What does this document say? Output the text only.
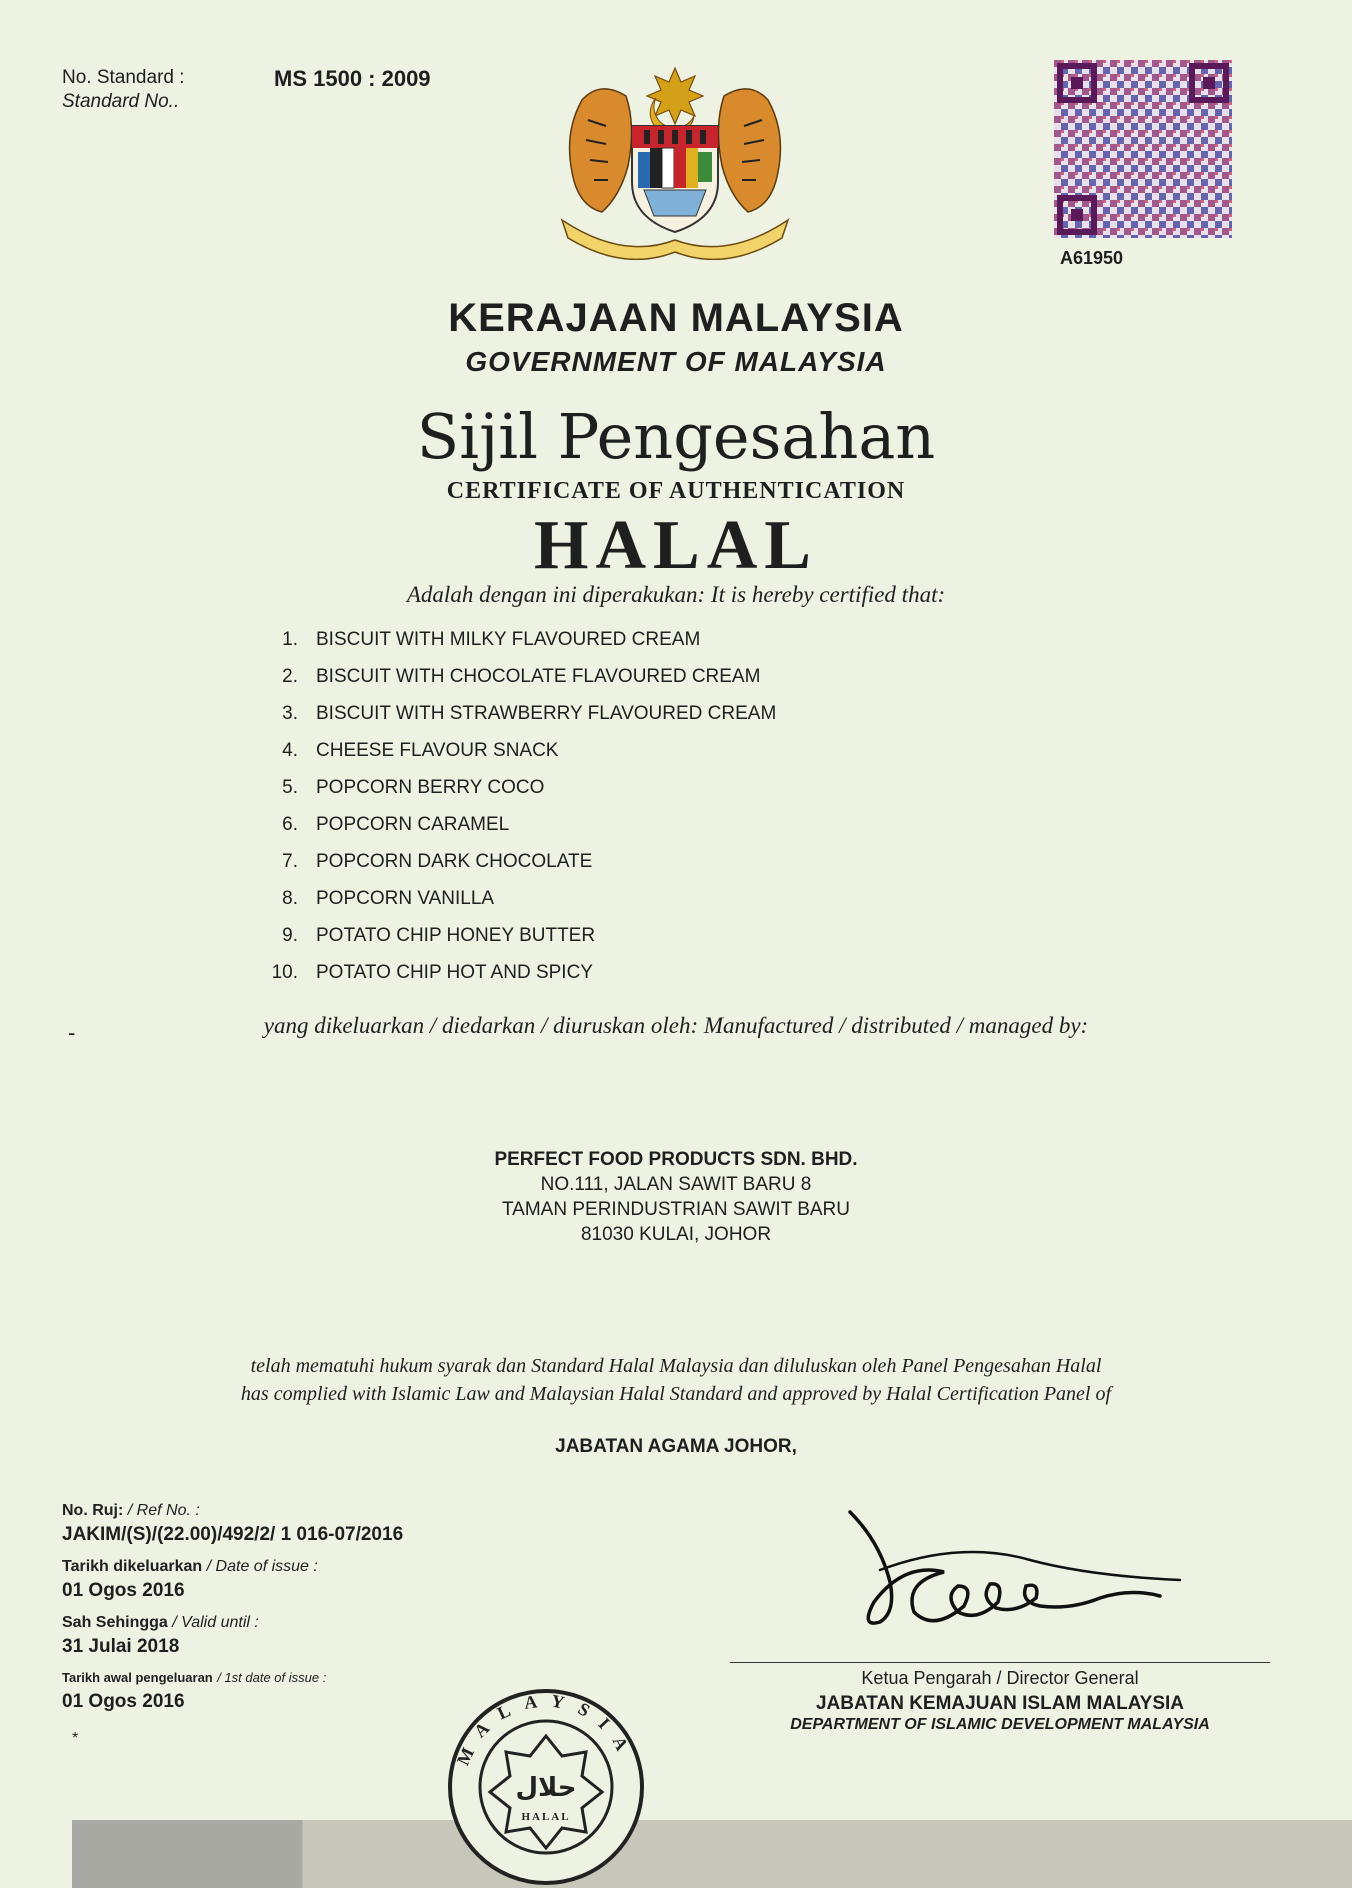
No. Standard :
Standard No..
MS 1500 : 2009
A61950
KERAJAAN MALAYSIA
GOVERNMENT OF MALAYSIA
Sijil Pengesahan
CERTIFICATE OF AUTHENTICATION
HALAL
Adalah dengan ini diperakukan: It is hereby certified that:
1. BISCUIT WITH MILKY FLAVOURED CREAM
2. BISCUIT WITH CHOCOLATE FLAVOURED CREAM
3. BISCUIT WITH STRAWBERRY FLAVOURED CREAM
4. CHEESE FLAVOUR SNACK
5. POPCORN BERRY COCO
6. POPCORN CARAMEL
7. POPCORN DARK CHOCOLATE
8. POPCORN VANILLA
9. POTATO CHIP HONEY BUTTER
10. POTATO CHIP HOT AND SPICY
-	yang dikeluarkan / diedarkan / diuruskan oleh: Manufactured / distributed / managed by:
PERFECT FOOD PRODUCTS SDN. BHD.
NO.111, JALAN SAWIT BARU 8
TAMAN PERINDUSTRIAN SAWIT BARU
81030 KULAI, JOHOR
telah mematuhi hukum syarak dan Standard Halal Malaysia dan diluluskan oleh Panel Pengesahan Halal
has complied with Islamic Law and Malaysian Halal Standard and approved by Halal Certification Panel of
JABATAN AGAMA JOHOR,
No. Ruj: / Ref No. :
JAKIM/(S)/(22.00)/492/2/ 1 016-07/2016
Tarikh dikeluarkan / Date of issue :
01 Ogos 2016
Sah Sehingga / Valid until :
31 Julai 2018
Tarikh awal pengeluaran / 1st date of issue :
01 Ogos 2016
*
Ketua Pengarah / Director General
JABATAN KEMAJUAN ISLAM MALAYSIA
DEPARTMENT OF ISLAMIC DEVELOPMENT MALAYSIA
MALAYSIA
حلال
HALAL
